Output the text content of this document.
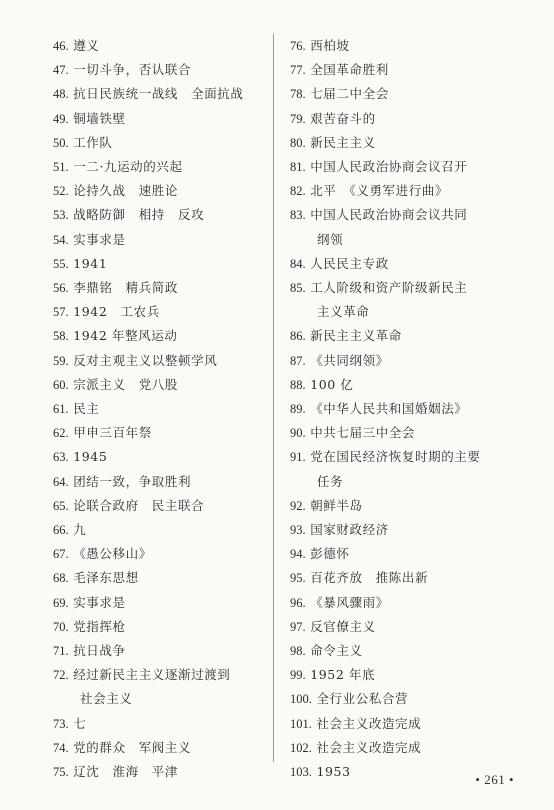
46. 遵义
47. 一切斗争，否认联合
48. 抗日民族统一战线　全面抗战
49. 铜墙铁壁
50. 工作队
51. 一二·九运动的兴起
52. 论持久战　速胜论
53. 战略防御　相持　反攻
54. 实事求是
55. 1941
56. 李鼎铭　精兵简政
57. 1942　工农兵
58. 1942 年整风运动
59. 反对主观主义以整顿学风
60. 宗派主义　党八股
61. 民主
62. 甲申三百年祭
63. 1945
64. 团结一致，争取胜利
65. 论联合政府　民主联合
66. 九
67. 《愚公移山》
68. 毛泽东思想
69. 实事求是
70. 党指挥枪
71. 抗日战争
72. 经过新民主主义逐渐过渡到
社会主义
73. 七
74. 党的群众　军阀主义
75. 辽沈　淮海　平津
76. 西柏坡
77. 全国革命胜利
78. 七届二中全会
79. 艰苦奋斗的
80. 新民主主义
81. 中国人民政治协商会议召开
82. 北平　《义勇军进行曲》
83. 中国人民政治协商会议共同
纲领
84. 人民民主专政
85. 工人阶级和资产阶级新民主
主义革命
86. 新民主主义革命
87. 《共同纲领》
88. 100 亿
89. 《中华人民共和国婚姻法》
90. 中共七届三中全会
91. 党在国民经济恢复时期的主要
任务
92. 朝鲜半岛
93. 国家财政经济
94. 彭德怀
95. 百花齐放　推陈出新
96. 《暴风骤雨》
97. 反官僚主义
98. 命令主义
99. 1952 年底
100. 全行业公私合营
101. 社会主义改造完成
102. 社会主义改造完成
103. 1953
• 261 •
